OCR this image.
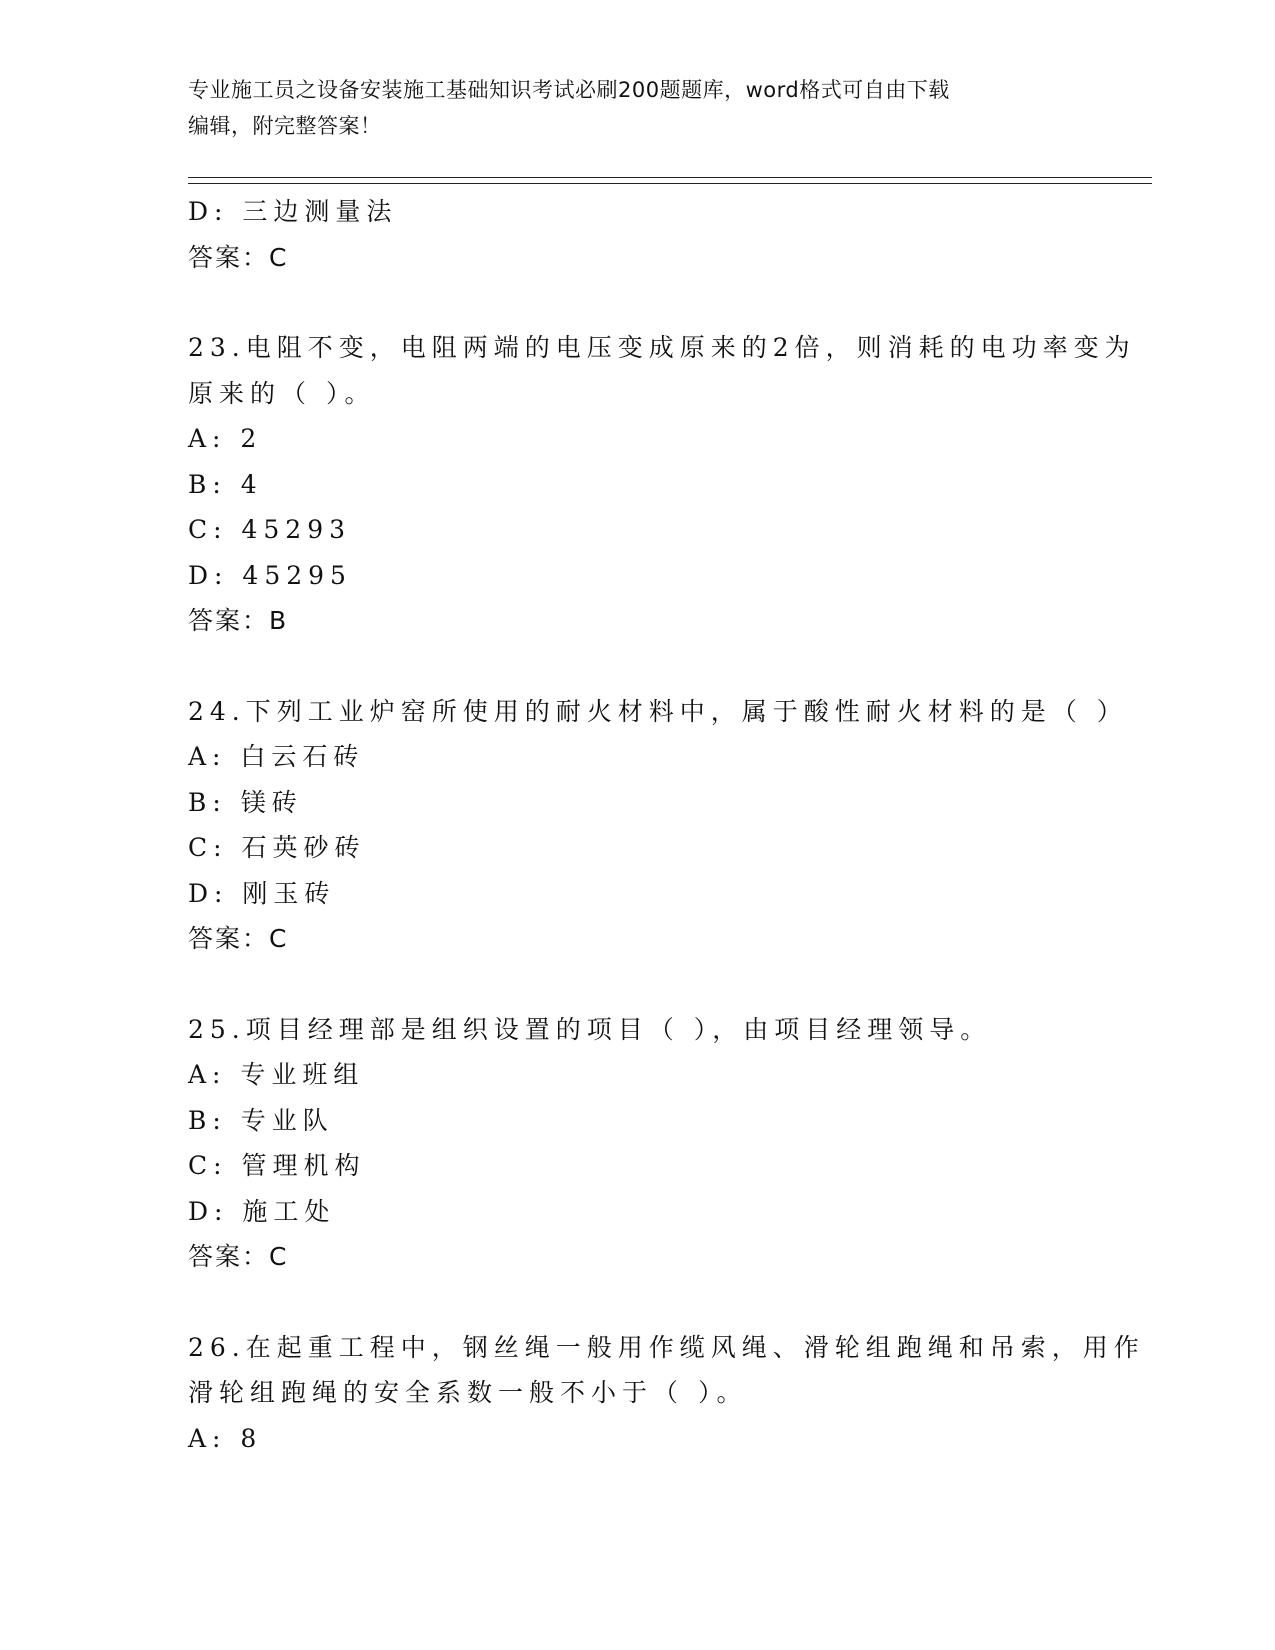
专业施工员之设备安装施工基础知识考试必刷200题题库，word格式可自由下载
编辑，附完整答案！
D: 三边测量法
答案：C
23.电阻不变，电阻两端的电压变成原来的2倍，则消耗的电功率变为
原来的（ ）。
A: 2
B: 4
C: 45293
D: 45295
答案：B
24.下列工业炉窑所使用的耐火材料中，属于酸性耐火材料的是（ ）
A: 白云石砖
B: 镁砖
C: 石英砂砖
D: 刚玉砖
答案：C
25.项目经理部是组织设置的项目（ ），由项目经理领导。
A: 专业班组
B: 专业队
C: 管理机构
D: 施工处
答案：C
26.在起重工程中，钢丝绳一般用作缆风绳、滑轮组跑绳和吊索，用作
滑轮组跑绳的安全系数一般不小于（ ）。
A: 8
